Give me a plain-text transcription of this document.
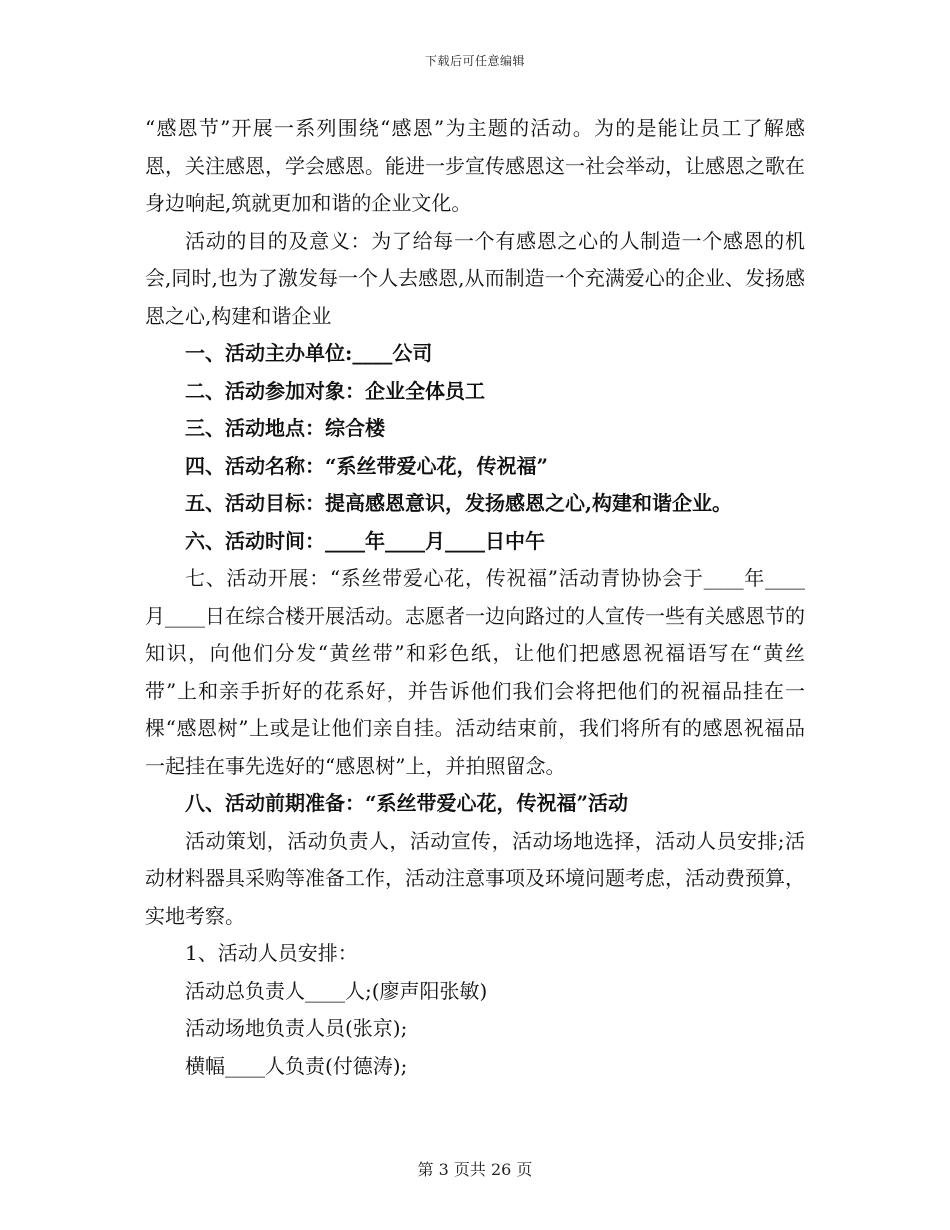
下载后可任意编辑

“感恩节”开展一系列围绕“感恩”为主题的活动。为的是能让员工了解感恩，关注感恩，学会感恩。能进一步宣传感恩这一社会举动，让感恩之歌在身边响起,筑就更加和谐的企业文化。

活动的目的及意义：为了给每一个有感恩之心的人制造一个感恩的机会,同时,也为了激发每一个人去感恩,从而制造一个充满爱心的企业、发扬感恩之心,构建和谐企业

一、活动主办单位:____公司

二、活动参加对象：企业全体员工

三、活动地点：综合楼

四、活动名称：“系丝带爱心花，传祝福”

五、活动目标：提高感恩意识，发扬感恩之心,构建和谐企业。

六、活动时间：____年____月____日中午

七、活动开展：“系丝带爱心花，传祝福”活动青协协会于____年____月____日在综合楼开展活动。志愿者一边向路过的人宣传一些有关感恩节的知识，向他们分发“黄丝带”和彩色纸，让他们把感恩祝福语写在“黄丝带”上和亲手折好的花系好，并告诉他们我们会将把他们的祝福品挂在一棵“感恩树”上或是让他们亲自挂。活动结束前，我们将所有的感恩祝福品一起挂在事先选好的“感恩树”上，并拍照留念。

八、活动前期准备：“系丝带爱心花，传祝福”活动

活动策划，活动负责人，活动宣传，活动场地选择，活动人员安排;活动材料器具采购等准备工作，活动注意事项及环境问题考虑，活动费预算，实地考察。

1、活动人员安排：

活动总负责人____人;(廖声阳张敏)

活动场地负责人员(张京);

横幅____人负责(付德涛);

第 3 页共 26 页
